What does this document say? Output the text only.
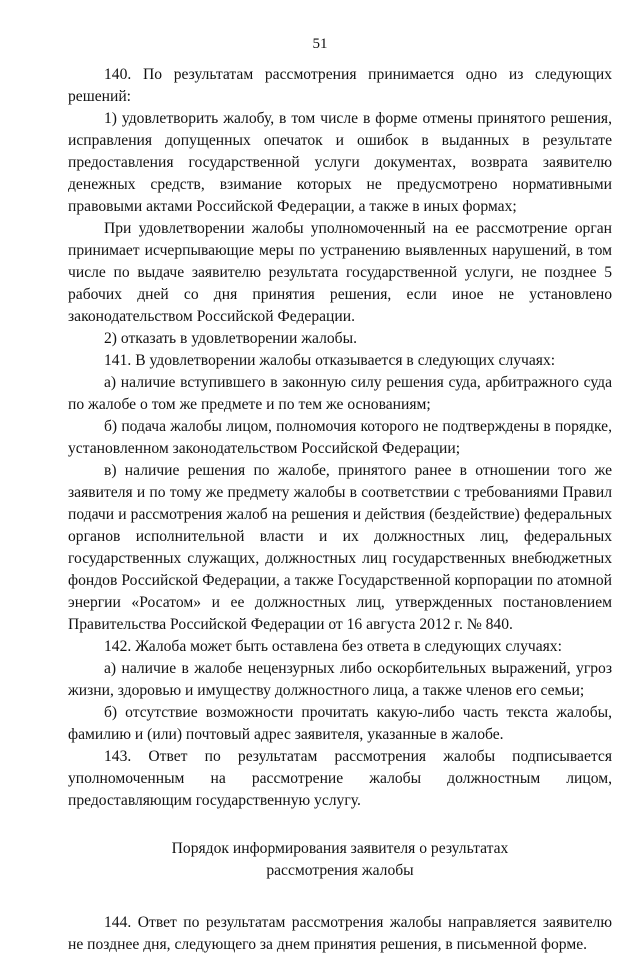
51

140. По результатам рассмотрения принимается одно из следующих решений:

1) удовлетворить жалобу, в том числе в форме отмены принятого решения, исправления допущенных опечаток и ошибок в выданных в результате предоставления государственной услуги документах, возврата заявителю денежных средств, взимание которых не предусмотрено нормативными правовыми актами Российской Федерации, а также в иных формах;

При удовлетворении жалобы уполномоченный на ее рассмотрение орган принимает исчерпывающие меры по устранению выявленных нарушений, в том числе по выдаче заявителю результата государственной услуги, не позднее 5 рабочих дней со дня принятия решения, если иное не установлено законодательством Российской Федерации.

2) отказать в удовлетворении жалобы.

141. В удовлетворении жалобы отказывается в следующих случаях:

а) наличие вступившего в законную силу решения суда, арбитражного суда по жалобе о том же предмете и по тем же основаниям;

б) подача жалобы лицом, полномочия которого не подтверждены в порядке, установленном законодательством Российской Федерации;

в) наличие решения по жалобе, принятого ранее в отношении того же заявителя и по тому же предмету жалобы в соответствии с требованиями Правил подачи и рассмотрения жалоб на решения и действия (бездействие) федеральных органов исполнительной власти и их должностных лиц, федеральных государственных служащих, должностных лиц государственных внебюджетных фондов Российской Федерации, а также Государственной корпорации по атомной энергии «Росатом» и ее должностных лиц, утвержденных постановлением Правительства Российской Федерации от 16 августа 2012 г. № 840.

142. Жалоба может быть оставлена без ответа в следующих случаях:

а) наличие в жалобе нецензурных либо оскорбительных выражений, угроз жизни, здоровью и имуществу должностного лица, а также членов его семьи;

б) отсутствие возможности прочитать какую-либо часть текста жалобы, фамилию и (или) почтовый адрес заявителя, указанные в жалобе.

143. Ответ по результатам рассмотрения жалобы подписывается уполномоченным на рассмотрение жалобы должностным лицом, предоставляющим государственную услугу.

Порядок информирования заявителя о результатах
рассмотрения жалобы

144. Ответ по результатам рассмотрения жалобы направляется заявителю не позднее дня, следующего за днем принятия решения, в письменной форме.
